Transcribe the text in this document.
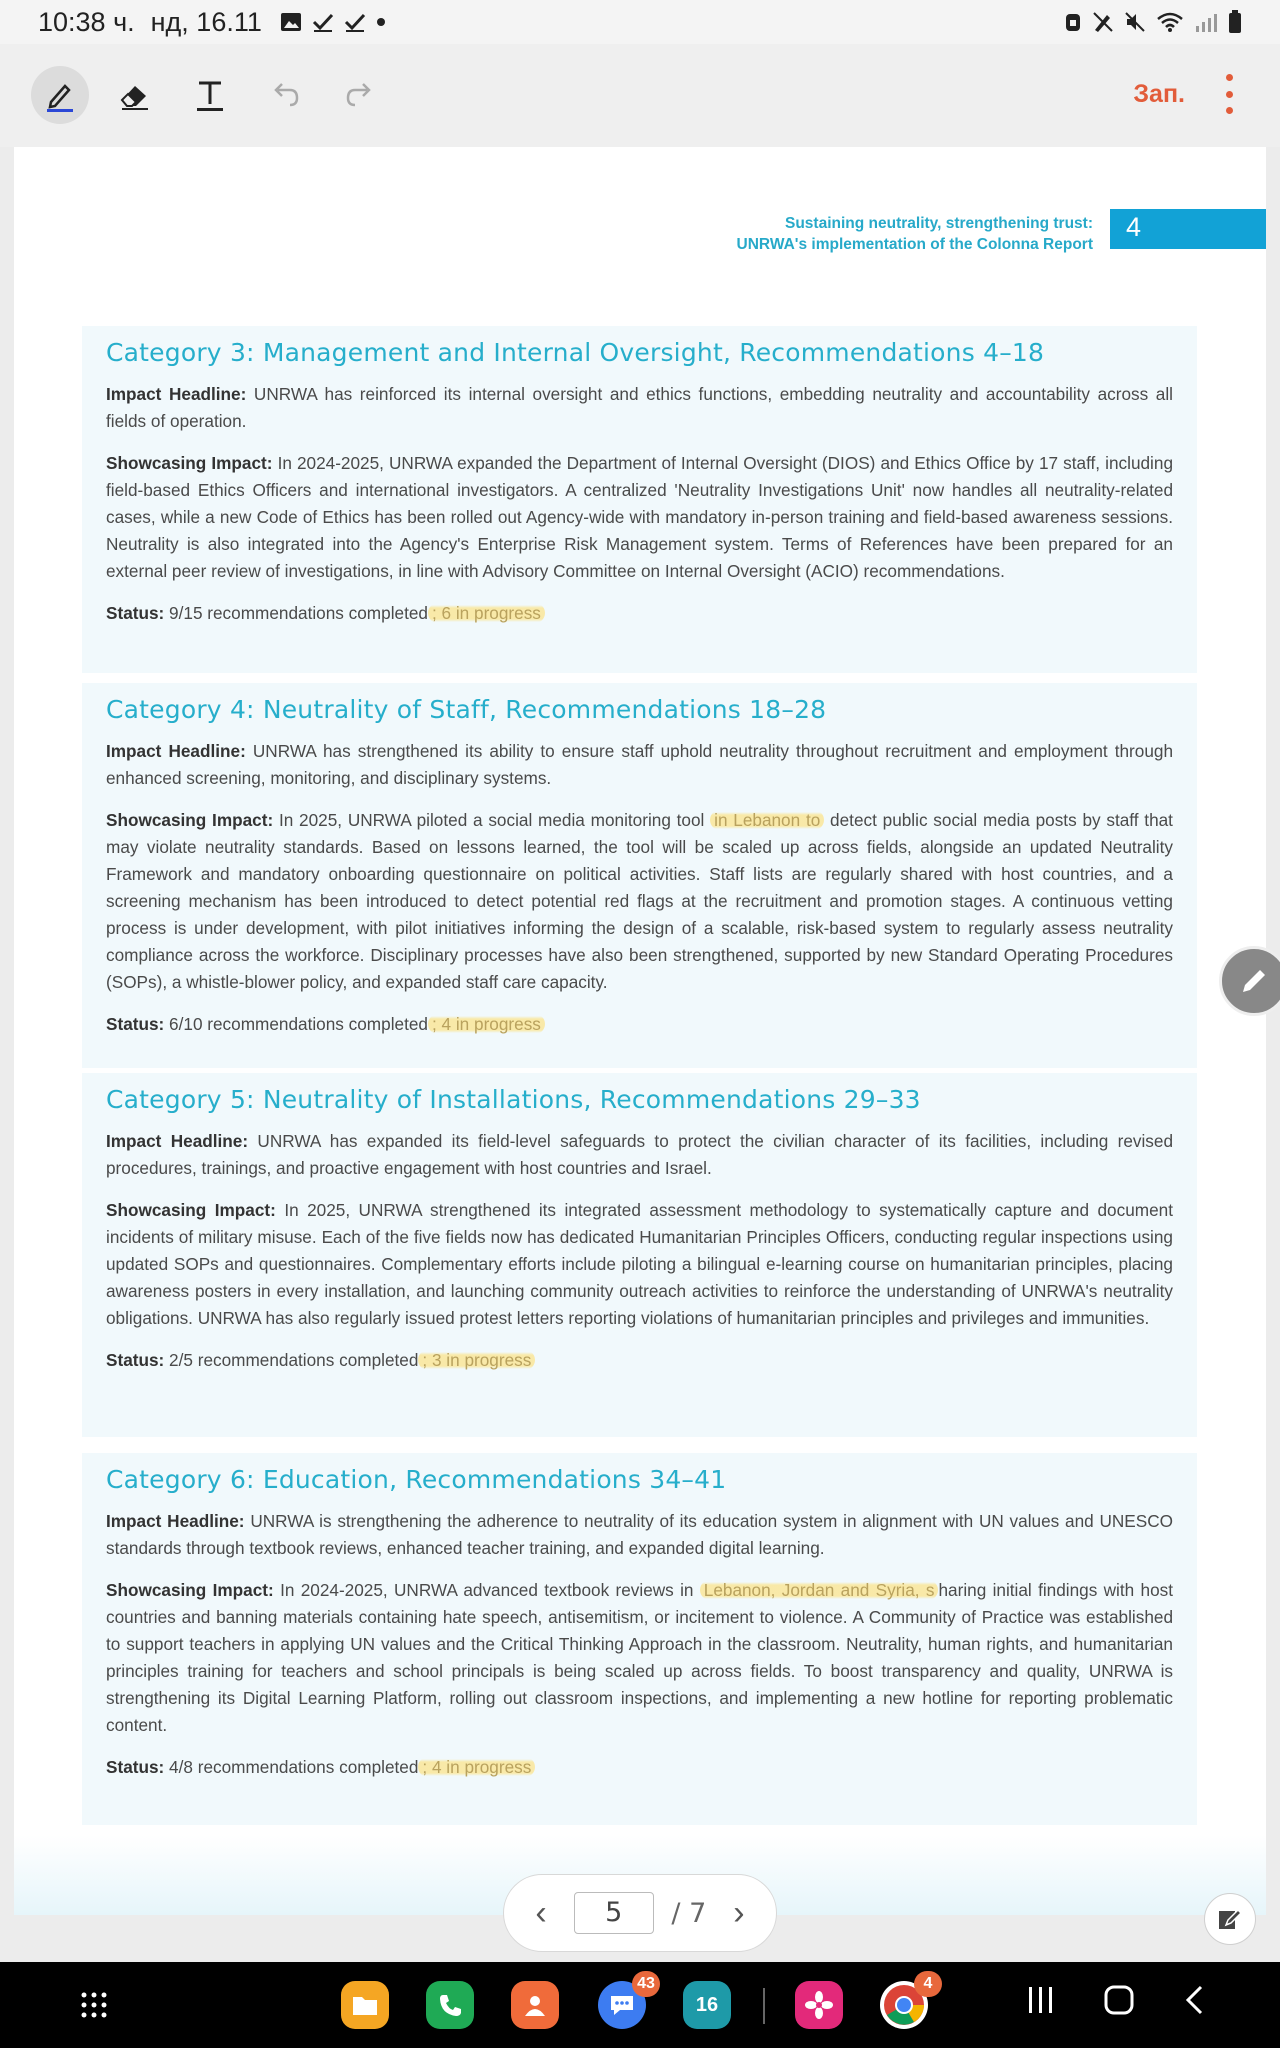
10:38 ч. нд, 16.11
Зап.
Sustaining neutrality, strengthening trust:
UNRWA's implementation of the Colonna Report
4
Category 3: Management and Internal Oversight, Recommendations 4–18

Impact Headline: UNRWA has reinforced its internal oversight and ethics functions, embedding neutrality and accountability across all fields of operation.

Showcasing Impact: In 2024-2025, UNRWA expanded the Department of Internal Oversight (DIOS) and Ethics Office by 17 staff, including field-based Ethics Officers and international investigators. A centralized 'Neutrality Investigations Unit' now handles all neutrality-related cases, while a new Code of Ethics has been rolled out Agency-wide with mandatory in-person training and field-based awareness sessions. Neutrality is also integrated into the Agency's Enterprise Risk Management system. Terms of References have been prepared for an external peer review of investigations, in line with Advisory Committee on Internal Oversight (ACIO) recommendations.

Status: 9/15 recommendations completed ; 6 in progress

Category 4: Neutrality of Staff, Recommendations 18–28

Impact Headline: UNRWA has strengthened its ability to ensure staff uphold neutrality throughout recruitment and employment through enhanced screening, monitoring, and disciplinary systems.

Showcasing Impact: In 2025, UNRWA piloted a social media monitoring tool in Lebanon to detect public social media posts by staff that may violate neutrality standards. Based on lessons learned, the tool will be scaled up across fields, alongside an updated Neutrality Framework and mandatory onboarding questionnaire on political activities. Staff lists are regularly shared with host countries, and a screening mechanism has been introduced to detect potential red flags at the recruitment and promotion stages. A continuous vetting process is under development, with pilot initiatives informing the design of a scalable, risk-based system to regularly assess neutrality compliance across the workforce. Disciplinary processes have also been strengthened, supported by new Standard Operating Procedures (SOPs), a whistle-blower policy, and expanded staff care capacity.

Status: 6/10 recommendations completed ; 4 in progress

Category 5: Neutrality of Installations, Recommendations 29–33

Impact Headline: UNRWA has expanded its field-level safeguards to protect the civilian character of its facilities, including revised procedures, trainings, and proactive engagement with host countries and Israel.

Showcasing Impact: In 2025, UNRWA strengthened its integrated assessment methodology to systematically capture and document incidents of military misuse. Each of the five fields now has dedicated Humanitarian Principles Officers, conducting regular inspections using updated SOPs and questionnaires. Complementary efforts include piloting a bilingual e-learning course on humanitarian principles, placing awareness posters in every installation, and launching community outreach activities to reinforce the understanding of UNRWA's neutrality obligations. UNRWA has also regularly issued protest letters reporting violations of humanitarian principles and privileges and immunities.

Status: 2/5 recommendations completed ; 3 in progress

Category 6: Education, Recommendations 34–41

Impact Headline: UNRWA is strengthening the adherence to neutrality of its education system in alignment with UN values and UNESCO standards through textbook reviews, enhanced teacher training, and expanded digital learning.

Showcasing Impact: In 2024-2025, UNRWA advanced textbook reviews in Lebanon, Jordan and Syria, s haring initial findings with host countries and banning materials containing hate speech, antisemitism, or incitement to violence. A Community of Practice was established to support teachers in applying UN values and the Critical Thinking Approach in the classroom. Neutrality, human rights, and humanitarian principles training for teachers and school principals is being scaled up across fields. To boost transparency and quality, UNRWA is strengthening its Digital Learning Platform, rolling out classroom inspections, and implementing a new hotline for reporting problematic content.

Status: 4/8 recommendations completed ; 4 in progress

‹	5	/ 7 ›
43
16
4
